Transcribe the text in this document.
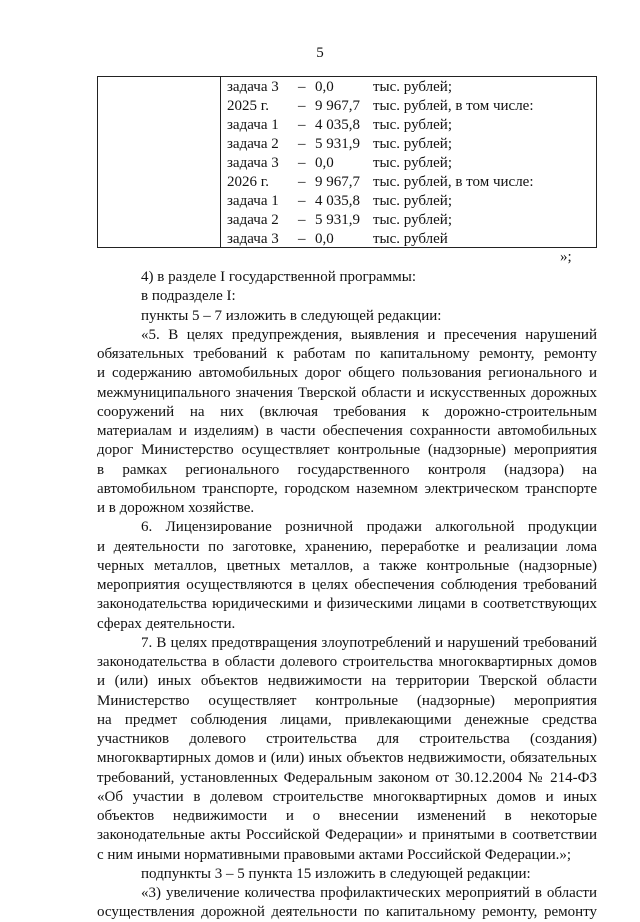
5
задача 3 – 0,0	тыс. рублей;
2025 г. – 9 967,7 тыс. рублей, в том числе:
задача 1 – 4 035,8 тыс. рублей;
задача 2 – 5 931,9 тыс. рублей;
задача 3 – 0,0	тыс. рублей;
2026 г. – 9 967,7 тыс. рублей, в том числе:
задача 1 – 4 035,8 тыс. рублей;
задача 2 – 5 931,9 тыс. рублей;
задача 3 – 0,0	тыс. рублей
»;
4) в разделе I государственной программы:
в подразделе I:
пункты 5 – 7 изложить в следующей редакции:
«5. В целях предупреждения, выявления и пресечения нарушений
обязательных требований к работам по капитальному ремонту, ремонту
и содержанию автомобильных дорог общего пользования регионального и
межмуниципального значения Тверской области и искусственных дорожных
сооружений на них (включая требования к дорожно-строительным
материалам и изделиям) в части обеспечения сохранности автомобильных
дорог Министерство осуществляет контрольные (надзорные) мероприятия
в рамках регионального государственного контроля (надзора) на
автомобильном транспорте, городском наземном электрическом транспорте
и в дорожном хозяйстве.
6. Лицензирование розничной продажи алкогольной продукции
и деятельности по заготовке, хранению, переработке и реализации лома
черных металлов, цветных металлов, а также контрольные (надзорные)
мероприятия осуществляются в целях обеспечения соблюдения требований
законодательства юридическими и физическими лицами в соответствующих
сферах деятельности.
7. В целях предотвращения злоупотреблений и нарушений требований
законодательства в области долевого строительства многоквартирных домов
и (или) иных объектов недвижимости на территории Тверской области
Министерство осуществляет контрольные (надзорные) мероприятия
на предмет соблюдения лицами, привлекающими денежные средства
участников долевого строительства для строительства (создания)
многоквартирных домов и (или) иных объектов недвижимости, обязательных
требований, установленных Федеральным законом от 30.12.2004 № 214-ФЗ
«Об участии в долевом строительстве многоквартирных домов и иных
объектов недвижимости и о внесении изменений в некоторые
законодательные акты Российской Федерации» и принятыми в соответствии
с ним иными нормативными правовыми актами Российской Федерации.»;
подпункты 3 – 5 пункта 15 изложить в следующей редакции:
«3) увеличение количества профилактических мероприятий в области
осуществления дорожной деятельности по капитальному ремонту, ремонту
